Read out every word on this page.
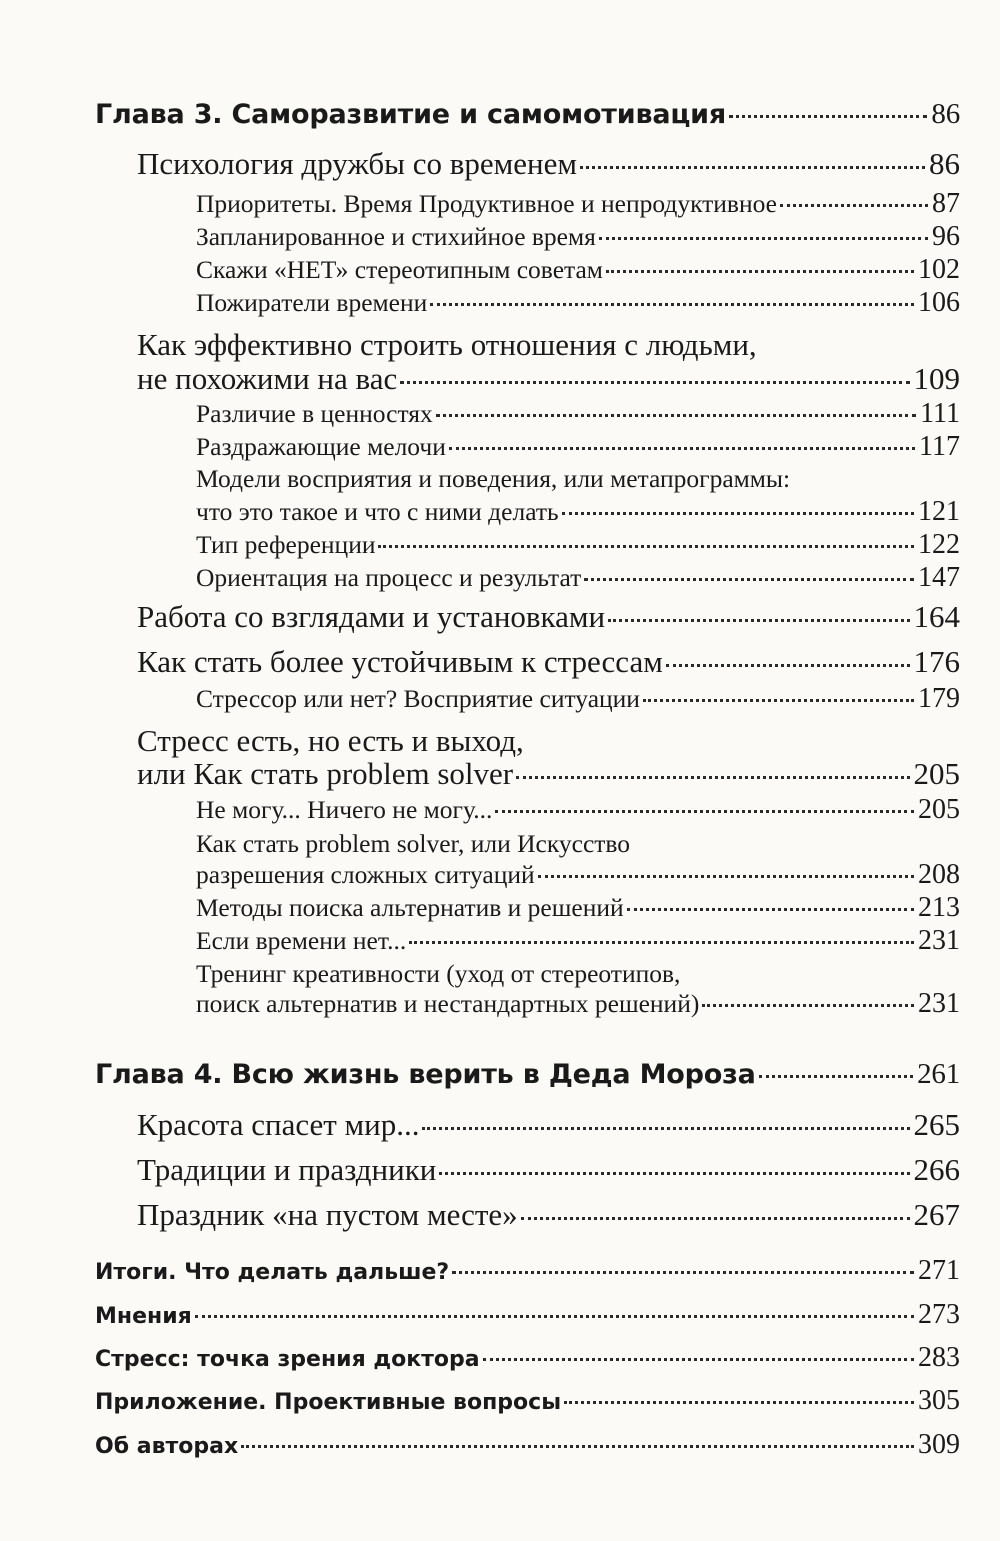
Глава 3. Саморазвитие и самомотивация	86
Психология дружбы со временем	86
Приоритеты. Время Продуктивное и непродуктивное	87
Запланированное и стихийное время	96
Скажи «НЕТ» стереотипным советам	102
Пожиратели времени	106
Как эффективно строить отношения с людьми,
не похожими на вас	109
Различие в ценностях	111
Раздражающие мелочи	117
Модели восприятия и поведения, или метапрограммы:
что это такое и что с ними делать	121
Тип референции	122
Ориентация на процесс и результат	147
Работа со взглядами и установками	164
Как стать более устойчивым к стрессам	176
Стрессор или нет? Восприятие ситуации	179
Стресс есть, но есть и выход,
или Как стать problem solver	205
Не могу... Ничего не могу...	205
Как стать problem solver, или Искусство
разрешения сложных ситуаций	208
Методы поиска альтернатив и решений	213
Если времени нет...	231
Тренинг креативности (уход от стереотипов,
поиск альтернатив и нестандартных решений)	231
Глава 4. Всю жизнь верить в Деда Мороза	261
Красота спасет мир...	265
Традиции и праздники	266
Праздник «на пустом месте»	267
Итоги. Что делать дальше?	271
Мнения	273
Стресс: точка зрения доктора	283
Приложение. Проективные вопросы	305
Об авторах	309
